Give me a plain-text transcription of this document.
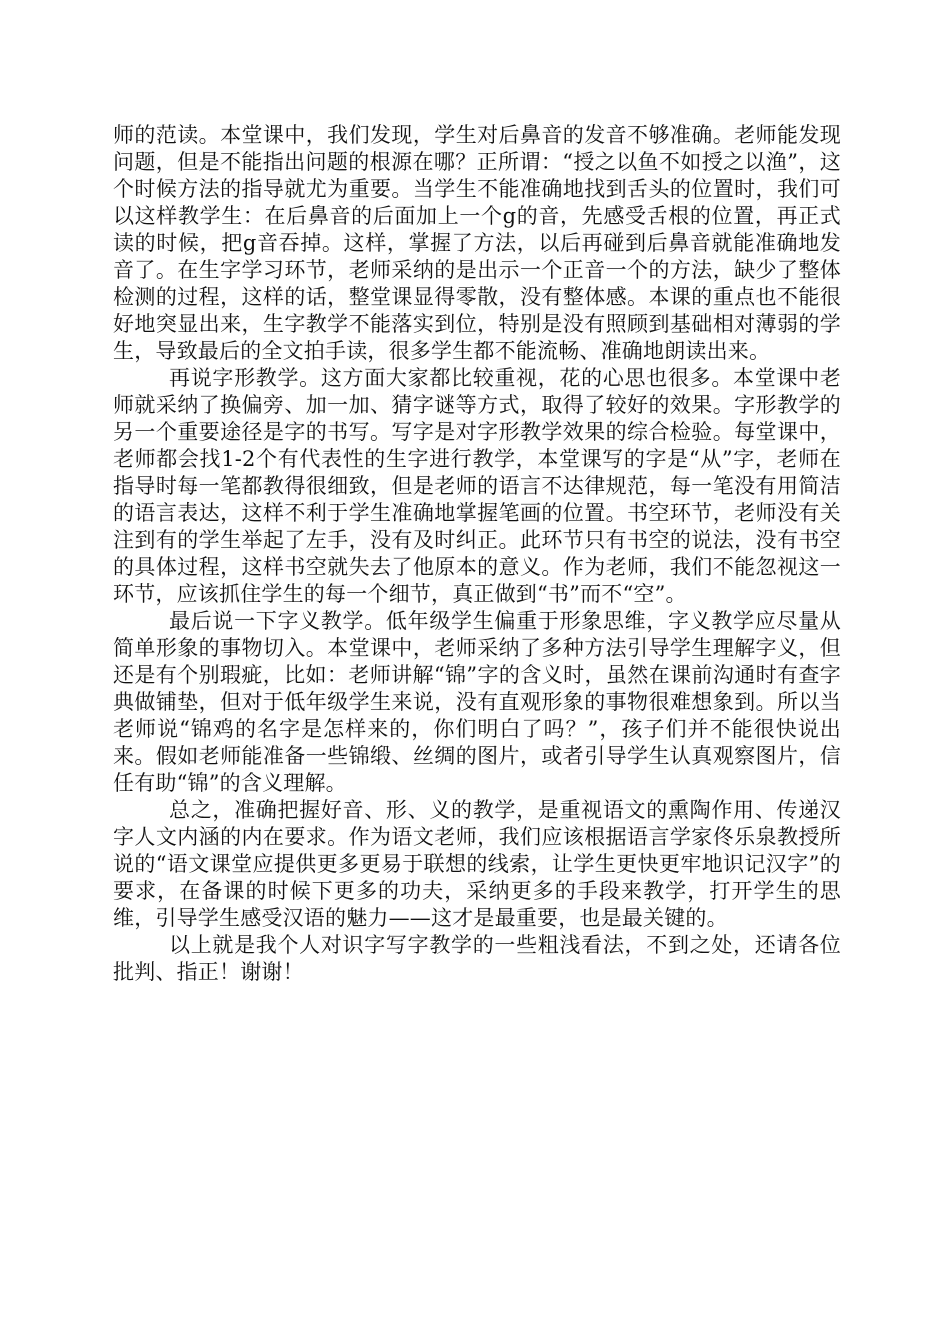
师的范读。本堂课中，我们发现，学生对后鼻音的发音不够准确。老师能发现问题，但是不能指出问题的根源在哪？正所谓：“授之以鱼不如授之以渔”，这个时候方法的指导就尤为重要。当学生不能准确地找到舌头的位置时，我们可以这样教学生：在后鼻音的后面加上一个g的音，先感受舌根的位置，再正式读的时候，把g音吞掉。这样，掌握了方法，以后再碰到后鼻音就能准确地发音了。在生字学习环节，老师采纳的是出示一个正音一个的方法，缺少了整体检测的过程，这样的话，整堂课显得零散，没有整体感。本课的重点也不能很好地突显出来，生字教学不能落实到位，特别是没有照顾到基础相对薄弱的学生，导致最后的全文拍手读，很多学生都不能流畅、准确地朗读出来。

再说字形教学。这方面大家都比较重视，花的心思也很多。本堂课中老师就采纳了换偏旁、加一加、猜字谜等方式，取得了较好的效果。字形教学的另一个重要途径是字的书写。写字是对字形教学效果的综合检验。每堂课中，老师都会找1-2个有代表性的生字进行教学，本堂课写的字是“从”字，老师在指导时每一笔都教得很细致，但是老师的语言不达律规范，每一笔没有用简洁的语言表达，这样不利于学生准确地掌握笔画的位置。书空环节，老师没有关注到有的学生举起了左手，没有及时纠正。此环节只有书空的说法，没有书空的具体过程，这样书空就失去了他原本的意义。作为老师，我们不能忽视这一环节，应该抓住学生的每一个细节，真正做到“书”而不“空”。

最后说一下字义教学。低年级学生偏重于形象思维，字义教学应尽量从简单形象的事物切入。本堂课中，老师采纳了多种方法引导学生理解字义，但还是有个别瑕疵，比如：老师讲解“锦”字的含义时，虽然在课前沟通时有查字典做铺垫，但对于低年级学生来说，没有直观形象的事物很难想象到。所以当老师说“锦鸡的名字是怎样来的，你们明白了吗？”，孩子们并不能很快说出来。假如老师能准备一些锦缎、丝绸的图片，或者引导学生认真观察图片，信任有助“锦”的含义理解。

总之，准确把握好音、形、义的教学，是重视语文的熏陶作用、传递汉字人文内涵的内在要求。作为语文老师，我们应该根据语言学家佟乐泉教授所说的“语文课堂应提供更多更易于联想的线索，让学生更快更牢地识记汉字”的要求，在备课的时候下更多的功夫，采纳更多的手段来教学，打开学生的思维，引导学生感受汉语的魅力——这才是最重要，也是最关键的。

以上就是我个人对识字写字教学的一些粗浅看法，不到之处，还请各位批判、指正！谢谢！
